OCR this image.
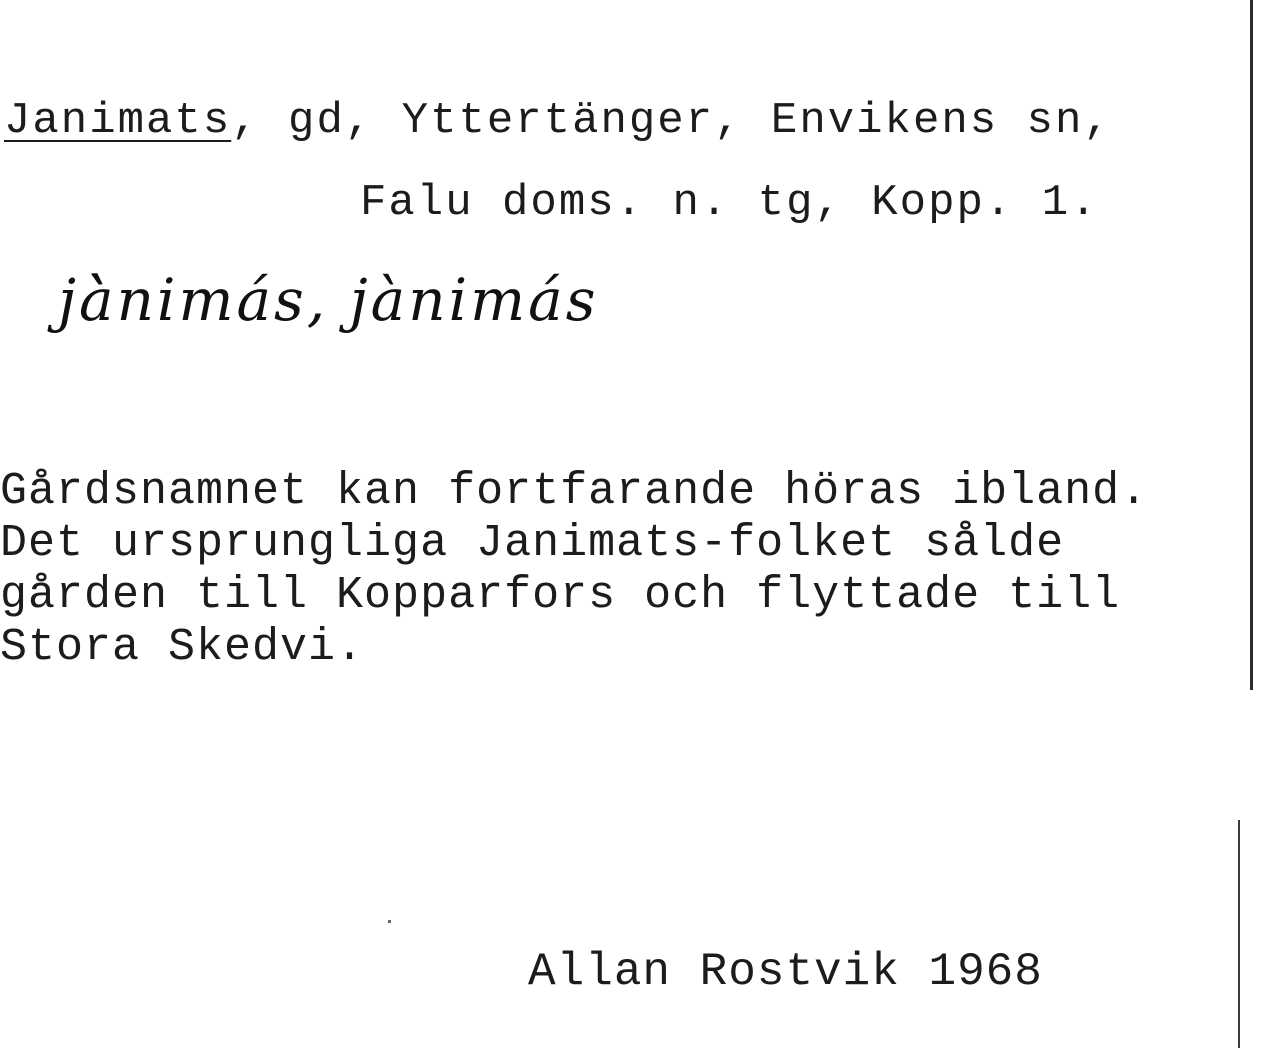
Janimats, gd, Yttertänger, Envikens sn,
Falu doms. n. tg, Kopp. 1.
jà̀nimás, jànimás
Gårdsnamnet kan fortfarande höras ibland.
Det ursprungliga Janimats-folket sålde
gården till Kopparfors och flyttade till
Stora Skedvi.
Allan Rostvik 1968
